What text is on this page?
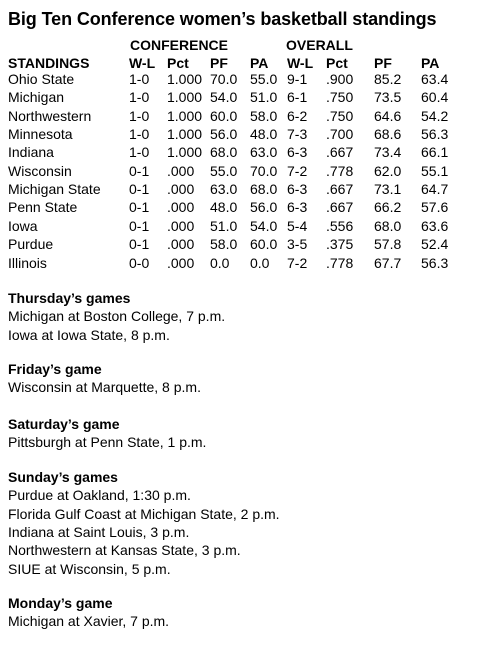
Big Ten Conference women’s basketball standings
CONFERENCE	OVERALL
STANDINGS	W-L Pct PF PA W-L Pct PF PA
Ohio State	1-0 1.000 70.0 55.0 9-1 .900 85.2 63.4
Michigan	1-0 1.000 54.0 51.0 6-1 .750 73.5 60.4
Northwestern	1-0 1.000 60.0 58.0 6-2 .750 64.6 54.2
Minnesota	1-0 1.000 56.0 48.0 7-3 .700 68.6 56.3
Indiana	1-0 1.000 68.0 63.0 6-3 .667 73.4 66.1
Wisconsin	0-1 .000 55.0 70.0 7-2 .778 62.0 55.1
Michigan State 0-1 .000 63.0 68.0 6-3 .667 73.1 64.7
Penn State	0-1 .000 48.0 56.0 6-3 .667 66.2 57.6
Iowa	0-1 .000 51.0 54.0 5-4 .556 68.0 63.6
Purdue	0-1 .000 58.0 60.0 3-5 .375 57.8 52.4
Illinois	0-0 .000 0.0 0.0 7-2 .778 67.7 56.3
Thursday’s games
Michigan at Boston College, 7 p.m.
Iowa at Iowa State, 8 p.m.
Friday’s game
Wisconsin at Marquette, 8 p.m.
Saturday’s game
Pittsburgh at Penn State, 1 p.m.
Sunday’s games
Purdue at Oakland, 1:30 p.m.
Florida Gulf Coast at Michigan State, 2 p.m.
Indiana at Saint Louis, 3 p.m.
Northwestern at Kansas State, 3 p.m.
SIUE at Wisconsin, 5 p.m.
Monday’s game
Michigan at Xavier, 7 p.m.
